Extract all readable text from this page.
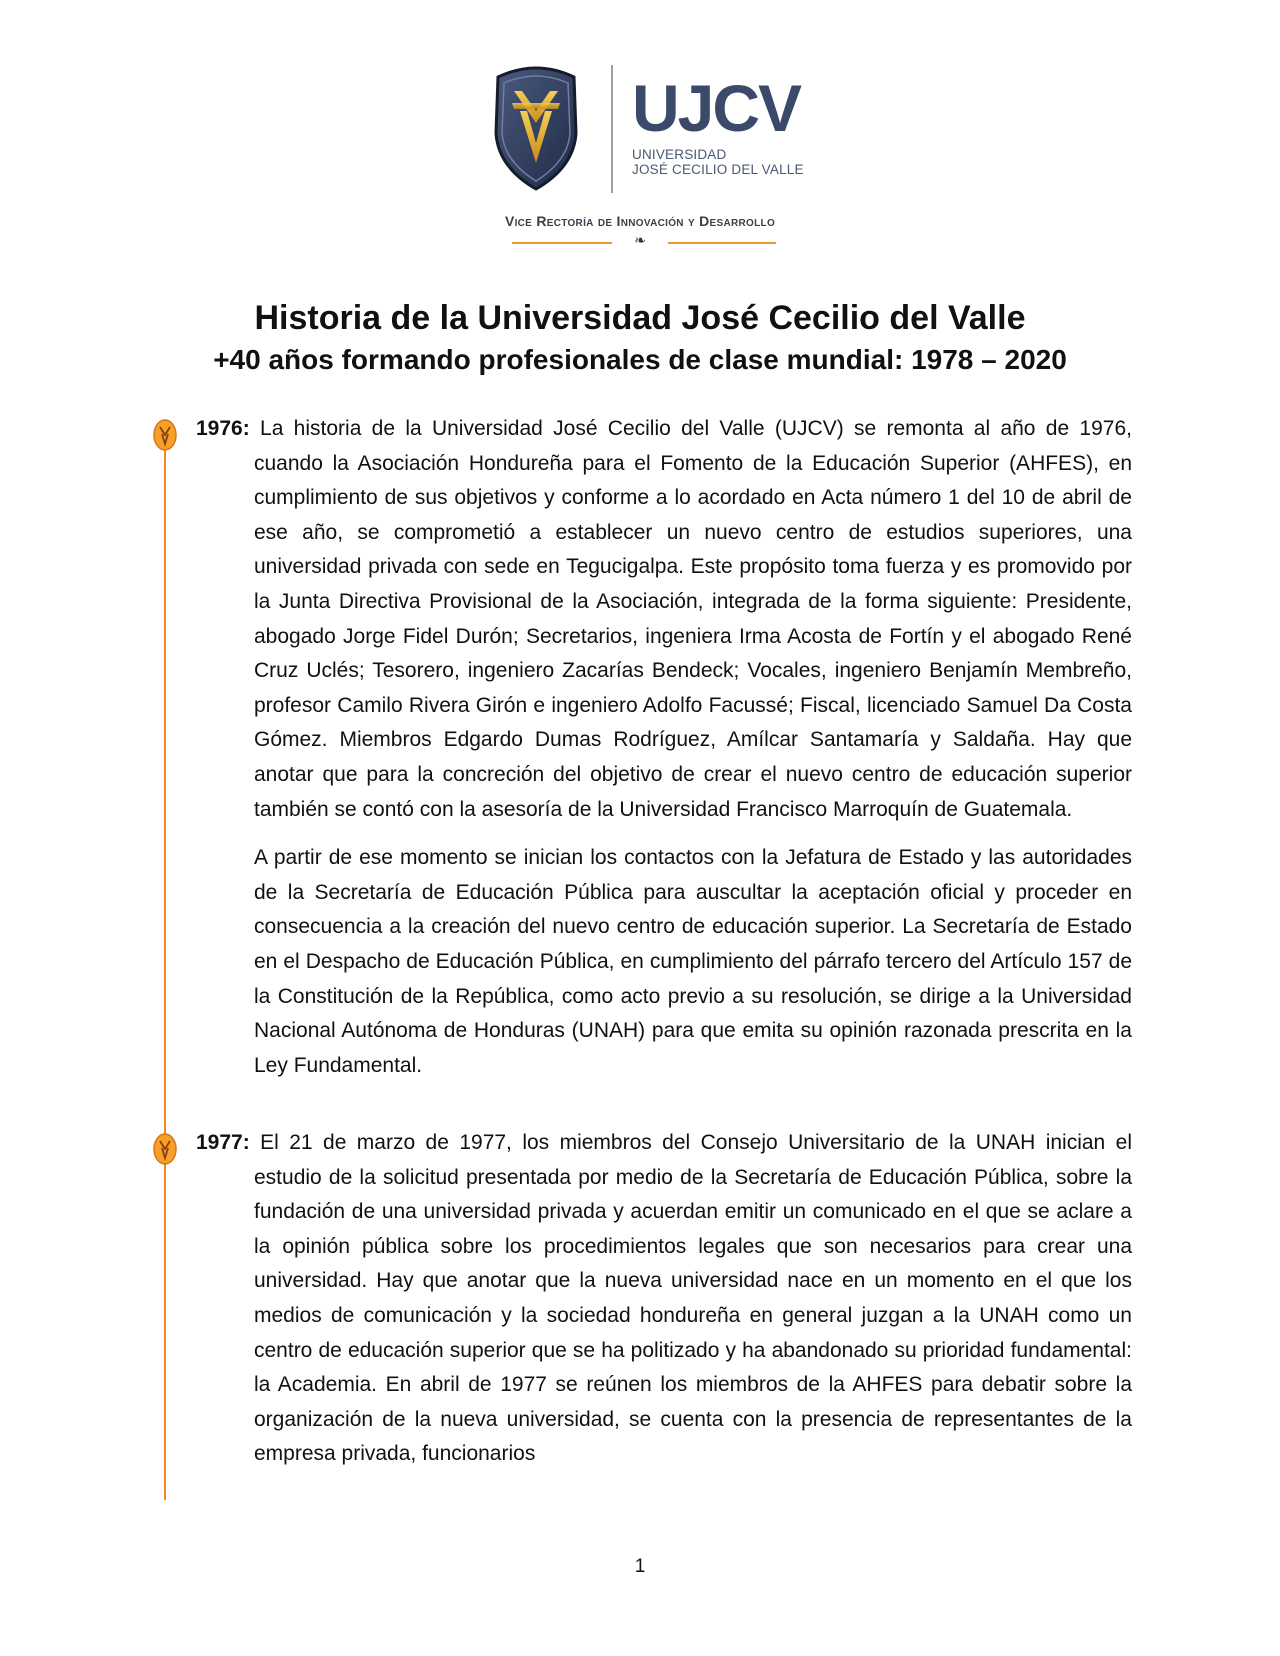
UJCV
UNIVERSIDAD
JOSÉ CECILIO DEL VALLE
Vice Rectoría de Innovación y Desarrollo
❧
Historia de la Universidad José Cecilio del Valle
+40 años formando profesionales de clase mundial: 1978 – 2020

1976: La historia de la Universidad José Cecilio del Valle (UJCV) se remonta al año de 1976, cuando la Asociación Hondureña para el Fomento de la Educación Superior (AHFES), en cumplimiento de sus objetivos y conforme a lo acordado en Acta número 1 del 10 de abril de ese año, se comprometió a establecer un nuevo centro de estudios superiores, una universidad privada con sede en Tegucigalpa. Este propósito toma fuerza y es promovido por la Junta Directiva Provisional de la Asociación, integrada de la forma siguiente: Presidente, abogado Jorge Fidel Durón; Secretarios, ingeniera Irma Acosta de Fortín y el abogado René Cruz Uclés; Tesorero, ingeniero Zacarías Bendeck; Vocales, ingeniero Benjamín Membreño, profesor Camilo Rivera Girón e ingeniero Adolfo Facussé; Fiscal, licenciado Samuel Da Costa Gómez. Miembros Edgardo Dumas Rodríguez, Amílcar Santamaría y Saldaña. Hay que anotar que para la concreción del objetivo de crear el nuevo centro de educación superior también se contó con la asesoría de la Universidad Francisco Marroquín de Guatemala.

A partir de ese momento se inician los contactos con la Jefatura de Estado y las autoridades de la Secretaría de Educación Pública para auscultar la aceptación oficial y proceder en consecuencia a la creación del nuevo centro de educación superior. La Secretaría de Estado en el Despacho de Educación Pública, en cumplimiento del párrafo tercero del Artículo 157 de la Constitución de la República, como acto previo a su resolución, se dirige a la Universidad Nacional Autónoma de Honduras (UNAH) para que emita su opinión razonada prescrita en la Ley Fundamental.

1977: El 21 de marzo de 1977, los miembros del Consejo Universitario de la UNAH inician el estudio de la solicitud presentada por medio de la Secretaría de Educación Pública, sobre la fundación de una universidad privada y acuerdan emitir un comunicado en el que se aclare a la opinión pública sobre los procedimientos legales que son necesarios para crear una universidad. Hay que anotar que la nueva universidad nace en un momento en el que los medios de comunicación y la sociedad hondureña en general juzgan a la UNAH como un centro de educación superior que se ha politizado y ha abandonado su prioridad fundamental: la Academia. En abril de 1977 se reúnen los miembros de la AHFES para debatir sobre la organización de la nueva universidad, se cuenta con la presencia de representantes de la empresa privada, funcionarios

1
